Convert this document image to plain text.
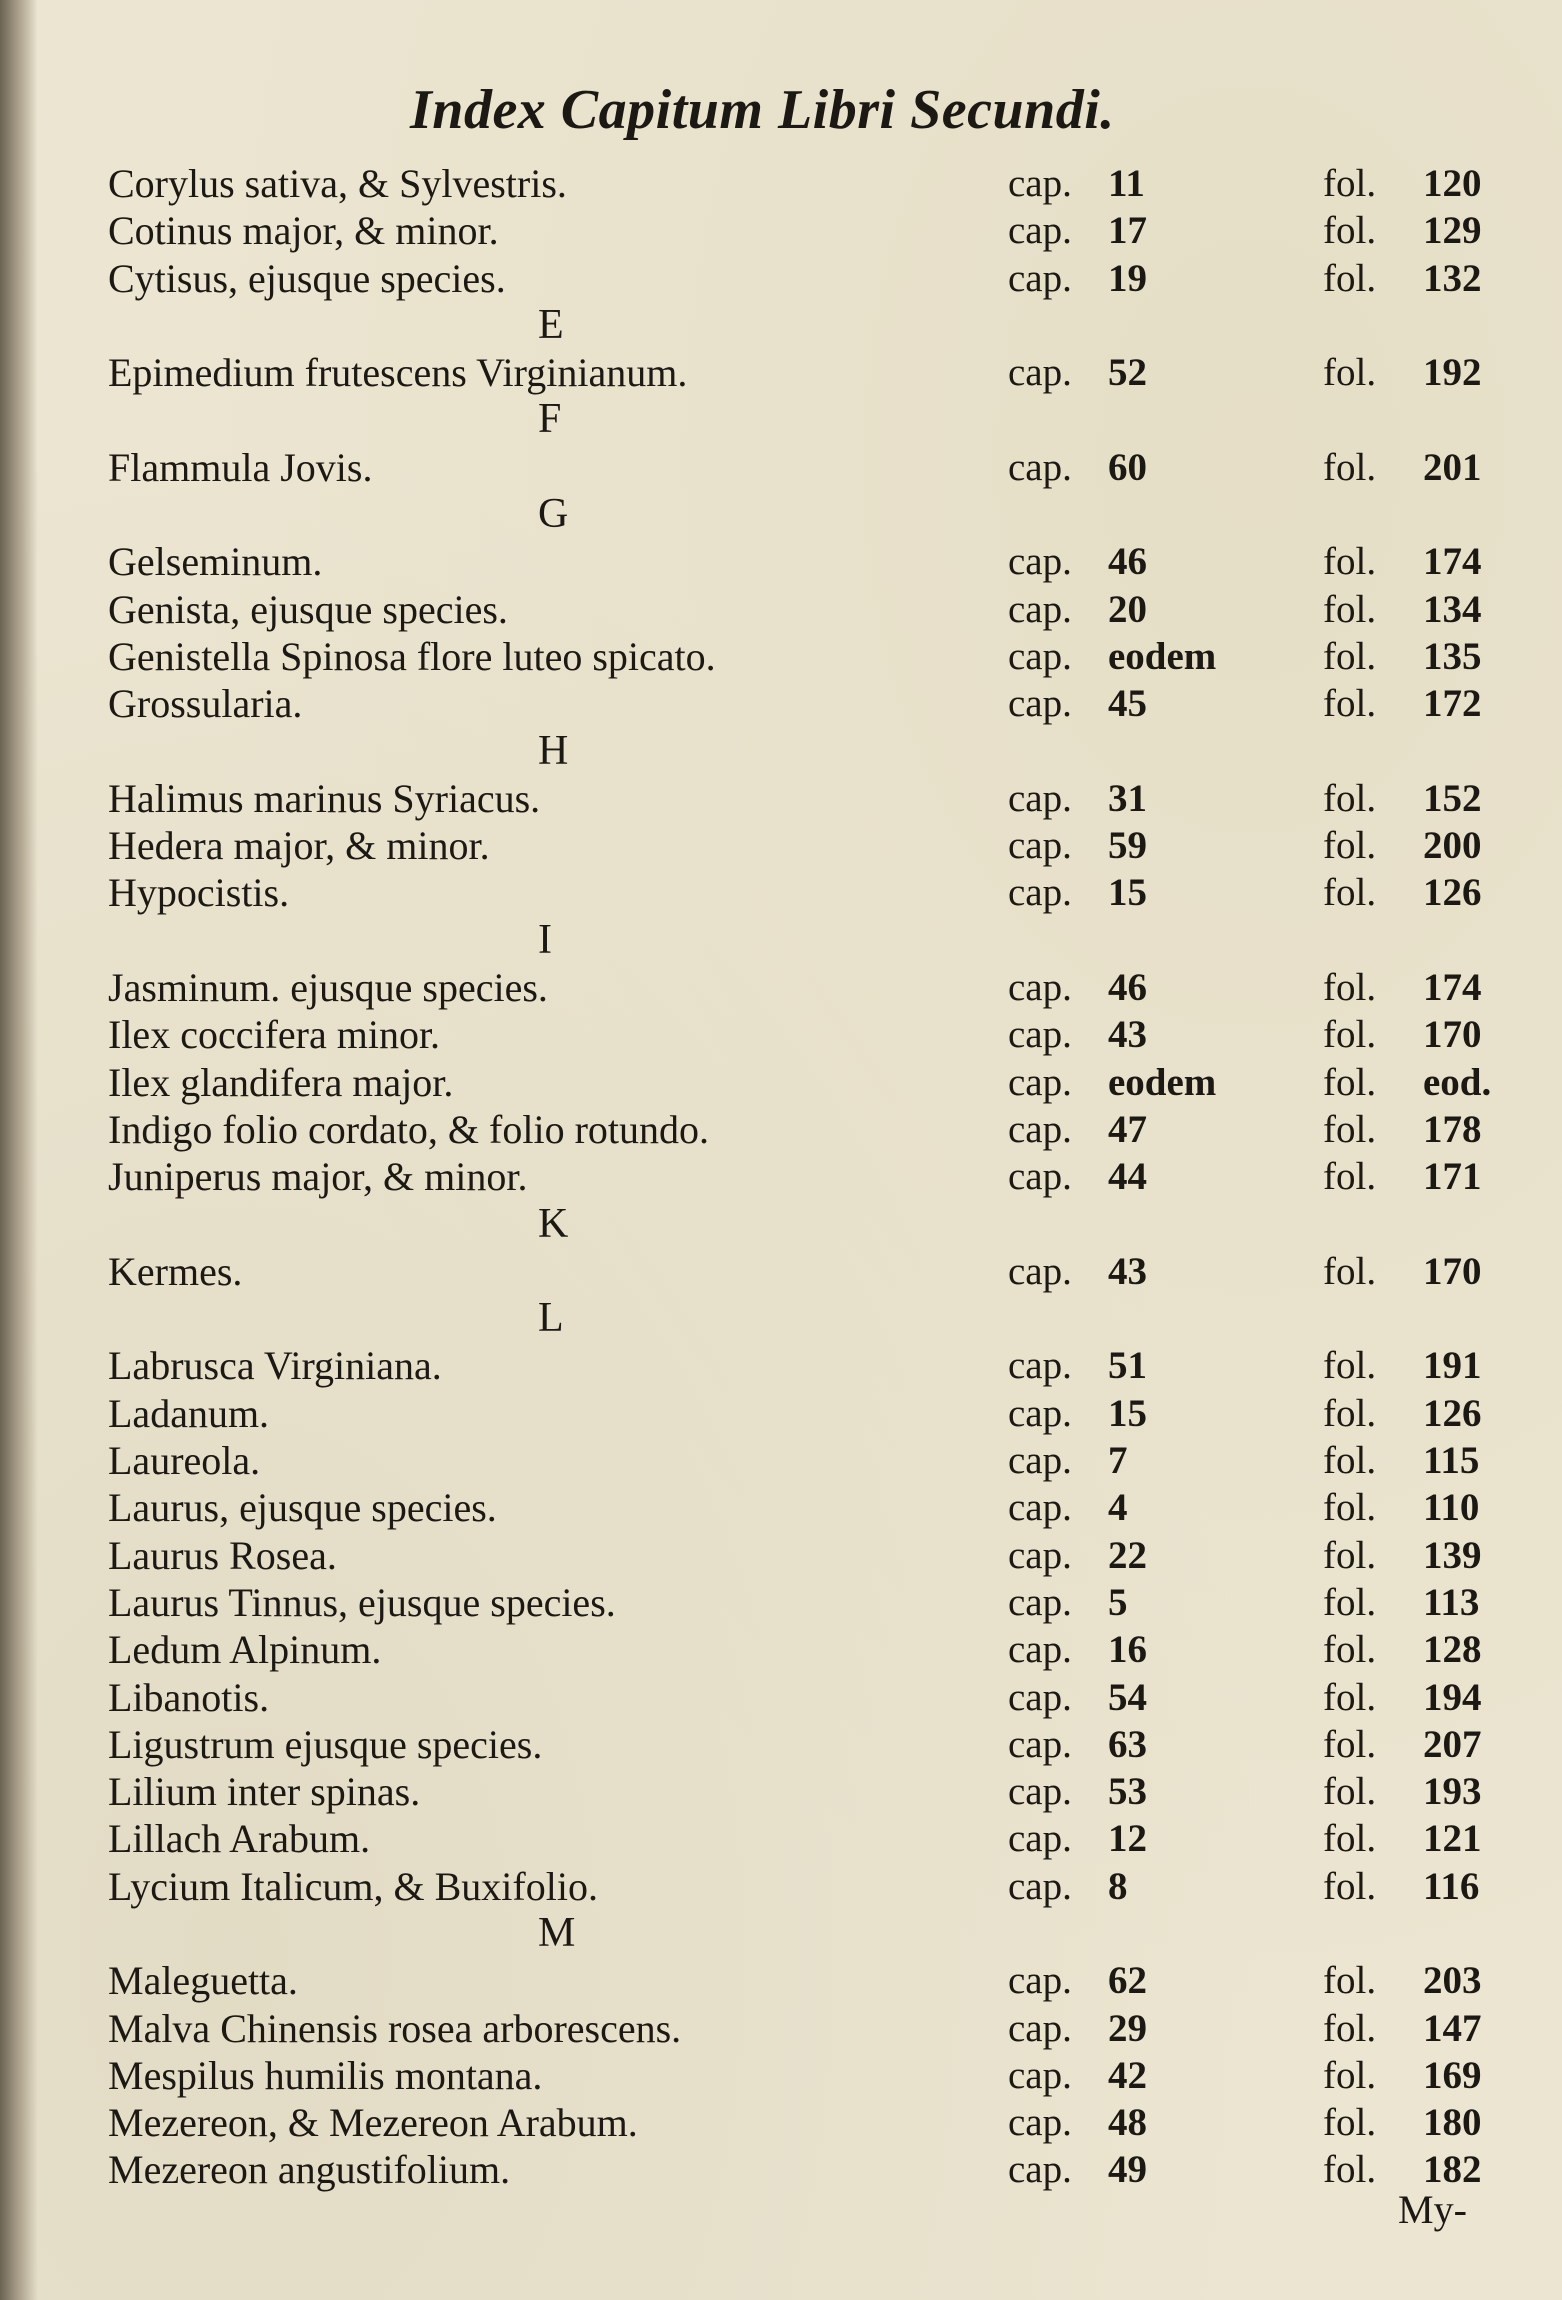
Index Capitum Libri Secundi.
Corylus sativa, & Sylvestris.	cap. 11	fol. 120
Cotinus major, & minor.	cap. 17	fol. 129
Cytisus, ejusque species.	cap. 19	fol. 132
E
Epimedium frutescens Virginianum.	cap. 52	fol. 192
F
Flammula Jovis.	cap. 60	fol. 201
G
Gelseminum.	cap. 46	fol. 174
Genista, ejusque species.	cap. 20	fol. 134
Genistella Spinosa flore luteo spicato.	cap. eodem	fol. 135
Grossularia.	cap. 45	fol. 172
H
Halimus marinus Syriacus.	cap. 31	fol. 152
Hedera major, & minor.	cap. 59	fol. 200
Hypocistis.	cap. 15	fol. 126
I
Jasminum. ejusque species.	cap. 46	fol. 174
Ilex coccifera minor.	cap. 43	fol. 170
Ilex glandifera major.	cap. eodem	fol. eod.
Indigo folio cordato, & folio rotundo.	cap. 47	fol. 178
Juniperus major, & minor.	cap. 44	fol. 171
K
Kermes.	cap. 43	fol. 170
L
Labrusca Virginiana.	cap. 51	fol. 191
Ladanum.	cap. 15	fol. 126
Laureola.	cap. 7	fol. 115
Laurus, ejusque species.	cap. 4	fol. 110
Laurus Rosea.	cap. 22	fol. 139
Laurus Tinnus, ejusque species.	cap. 5	fol. 113
Ledum Alpinum.	cap. 16	fol. 128
Libanotis.	cap. 54	fol. 194
Ligustrum ejusque species.	cap. 63	fol. 207
Lilium inter spinas.	cap. 53	fol. 193
Lillach Arabum.	cap. 12	fol. 121
Lycium Italicum, & Buxifolio.	cap. 8	fol. 116
M
Maleguetta.	cap. 62	fol. 203
Malva Chinensis rosea arborescens.	cap. 29	fol. 147
Mespilus humilis montana.	cap. 42	fol. 169
Mezereon, & Mezereon Arabum.	cap. 48	fol. 180
Mezereon angustifolium.	cap. 49	fol. 182
My-
